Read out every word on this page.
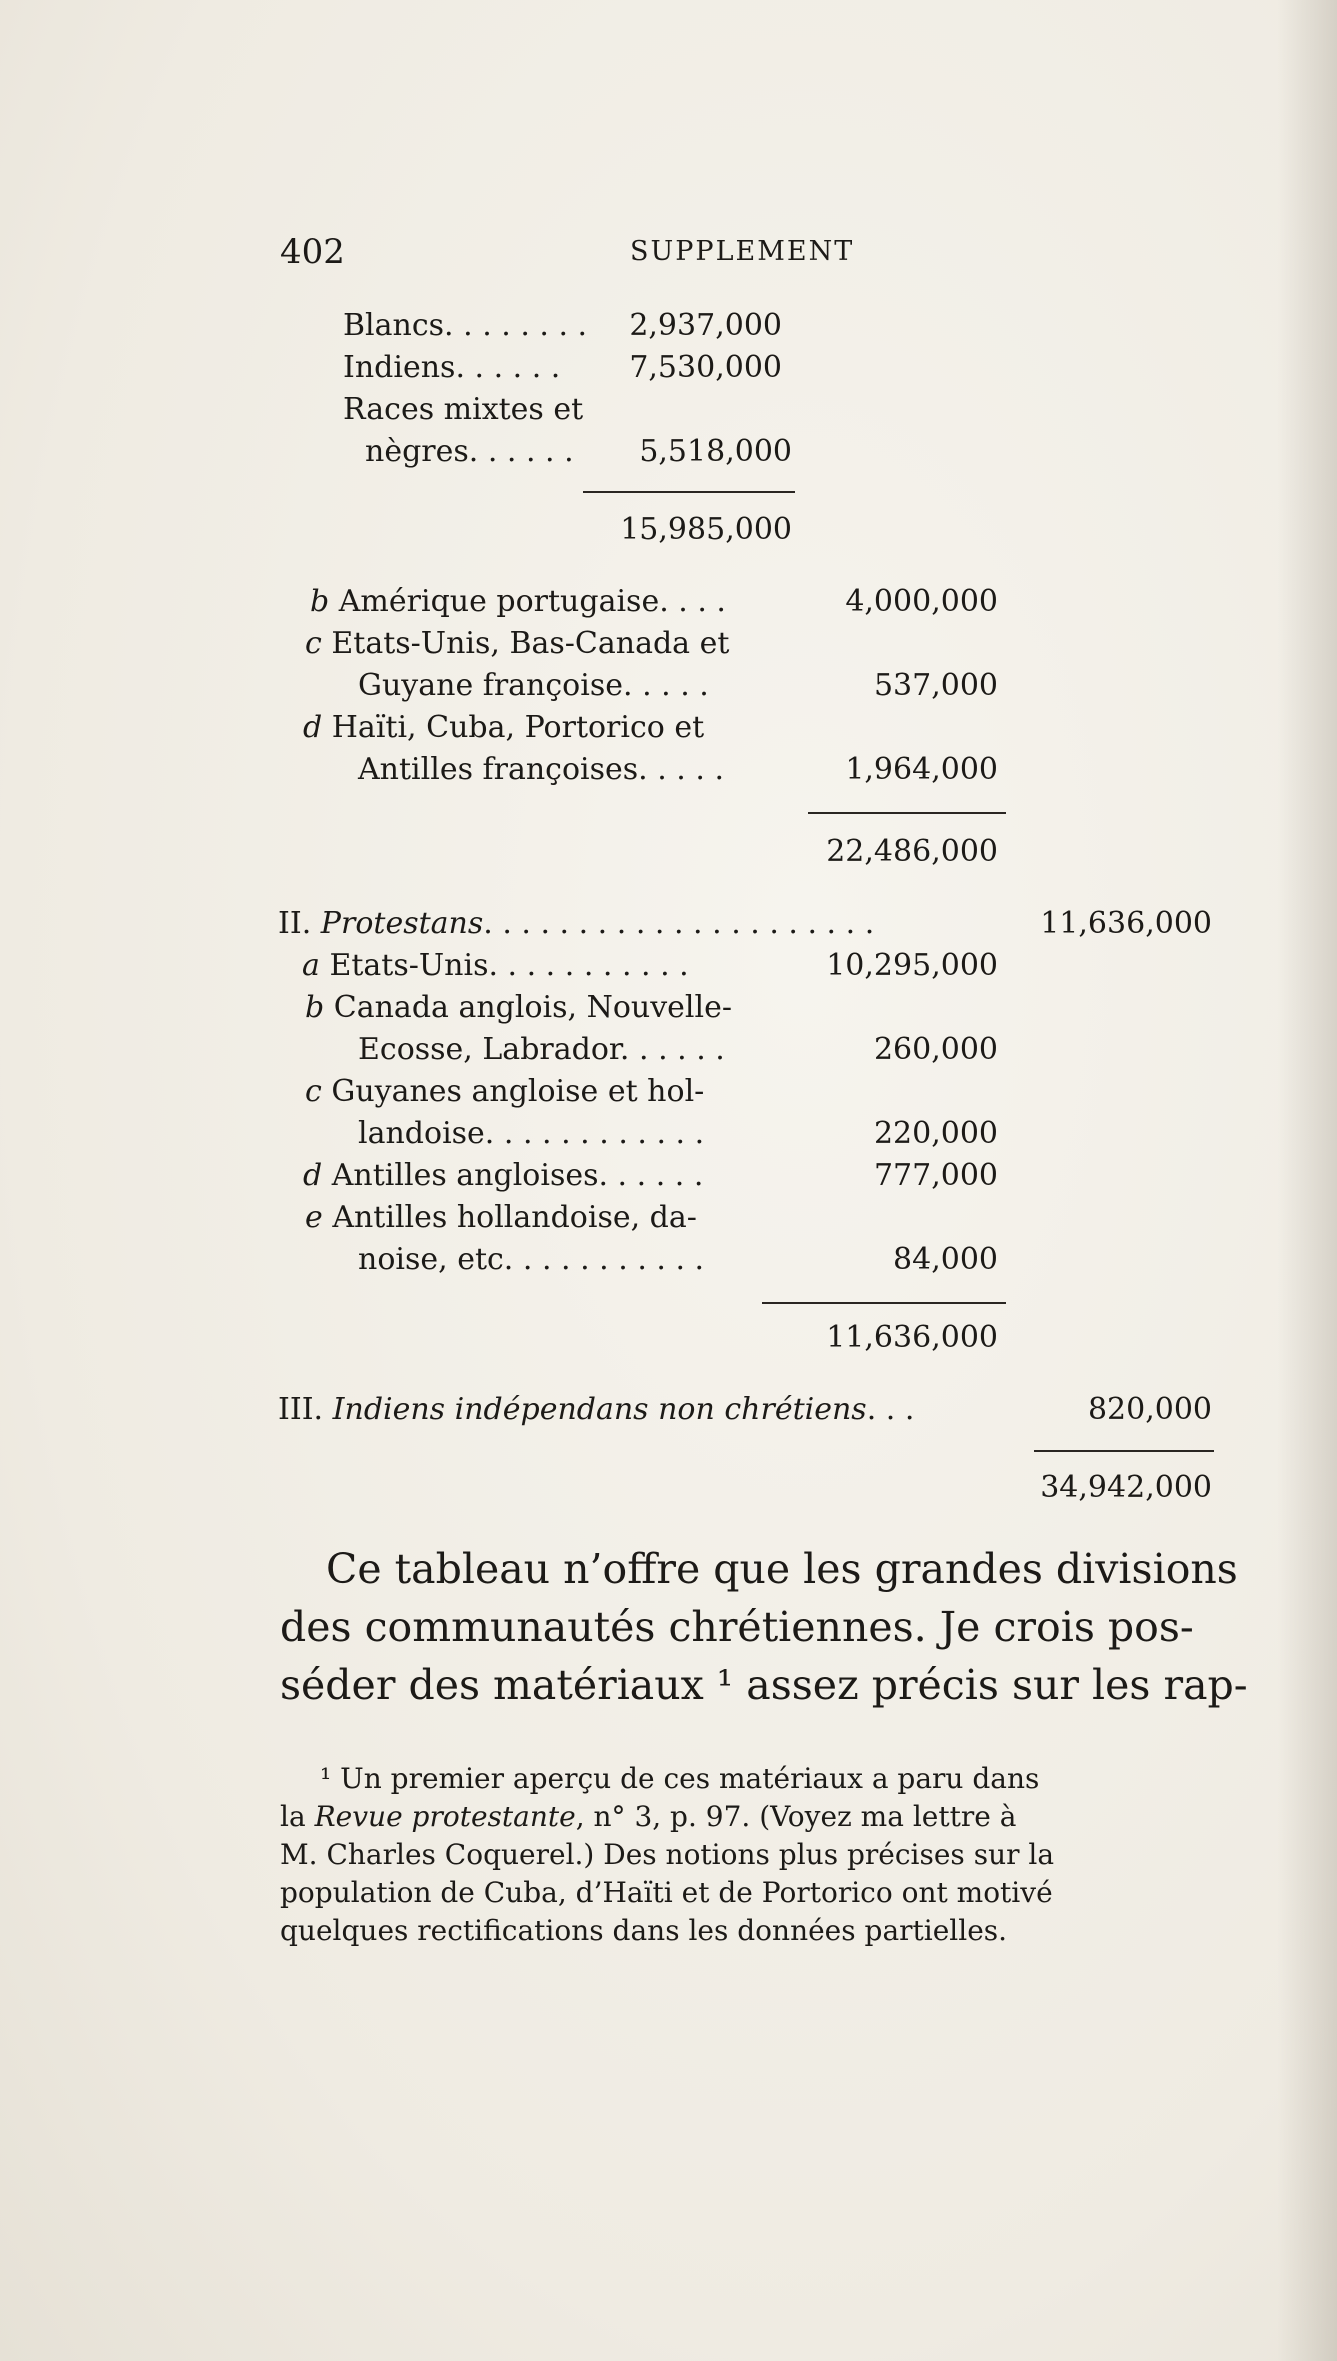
402	SUPPLEMENT
Blancs. . . . . . . .	2,937,000
Indiens. . . . . .	7,530,000
Races mixtes et
nègres. . . . . .	5,518,000
15,985,000
b Amérique portugaise. . . .	4,000,000
c Etats-Unis, Bas-Canada et
Guyane françoise. . . . .	537,000
d Haïti, Cuba, Portorico et
Antilles françoises. . . . .	1,964,000
22,486,000
II. Protestans. . . . . . . . . . . . . . . . . . . . .	11,636,000
a Etats-Unis. . . . . . . . . . .	10,295,000
b Canada anglois, Nouvelle-
Ecosse, Labrador. . . . . .	260,000
c Guyanes angloise et hol-
landoise. . . . . . . . . . . .	220,000
d Antilles angloises. . . . . .	777,000
e Antilles hollandoise, da-
noise, etc. . . . . . . . . . .	84,000
11,636,000
III. Indiens indépendans non chrétiens. . .	820,000
34,942,000
Ce tableau n’offre que les grandes divisions
des communautés chrétiennes. Je crois pos-
séder des matériaux ¹ assez précis sur les rap-
¹ Un premier aperçu de ces matériaux a paru dans
la Revue protestante, n° 3, p. 97. (Voyez ma lettre à
M. Charles Coquerel.) Des notions plus précises sur la
population de Cuba, d’Haïti et de Portorico ont motivé
quelques rectifications dans les données partielles.
